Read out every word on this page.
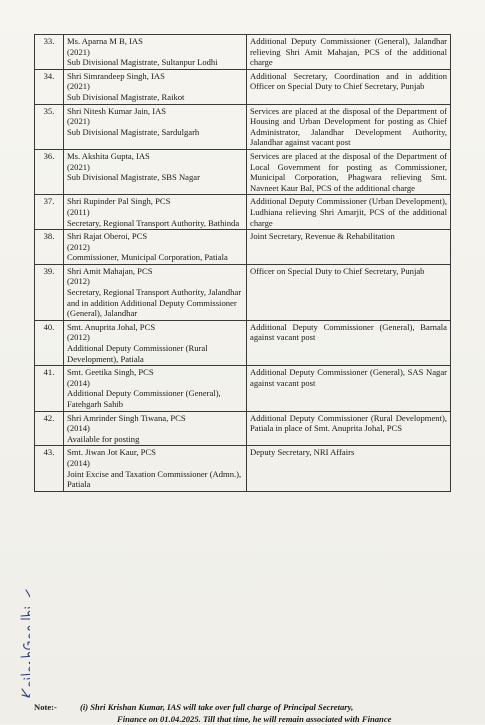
33.	Ms. Aparna M B, IAS
(2021)
Sub Divisional Magistrate, Sultanpur Lodhi	Additional Deputy Commissioner (General), Jalandhar relieving Shri Amit Mahajan, PCS of the additional charge
34.	Shri Simrandeep Singh, IAS
(2021)
Sub Divisional Magistrate, Raikot	Additional Secretary, Coordination and in addition Officer on Special Duty to Chief Secretary, Punjab
35.	Shri Nitesh Kumar Jain, IAS
(2021)
Sub Divisional Magistrate, Sardulgarh	Services are placed at the disposal of the Department of Housing and Urban Development for posting as Chief Administrator, Jalandhar Development Authority, Jalandhar against vacant post
36.	Ms. Akshita Gupta, IAS
(2021)
Sub Divisional Magistrate, SBS Nagar	Services are placed at the disposal of the Department of Local Government for posting as Commissioner, Municipal Corporation, Phagwara relieving Smt. Navneet Kaur Bal, PCS of the additional charge
37.	Shri Rupinder Pal Singh, PCS
(2011)
Secretary, Regional Transport Authority, Bathinda	Additional Deputy Commissioner (Urban Development), Ludhiana relieving Shri Amarjit, PCS of the additional charge
38.	Shri Rajat Oberoi, PCS
(2012)
Commissioner, Municipal Corporation, Patiala	Joint Secretary, Revenue & Rehabilitation
39.	Shri Amit Mahajan, PCS
(2012)
Secretary, Regional Transport Authority, Jalandhar and in addition Additional Deputy Commissioner (General), Jalandhar	Officer on Special Duty to Chief Secretary, Punjab
40.	Smt. Anuprita Johal, PCS
(2012)
Additional Deputy Commissioner (Rural Development), Patiala	Additional Deputy Commissioner (General), Barnala against vacant post
41.	Smt. Geetika Singh, PCS
(2014)
Additional Deputy Commissioner (General), Fatehgarh Sahib	Additional Deputy Commissioner (General), SAS Nagar against vacant post
42.	Shri Amrinder Singh Tiwana, PCS
(2014)
Available for posting	Additional Deputy Commissioner (Rural Development), Patiala in place of Smt. Anuprita Johal, PCS
43.	Smt. Jiwan Jot Kaur, PCS
(2014)
Joint Excise and Taxation Commissioner (Admn.), Patiala	Deputy Secretary, NRI Affairs
Note:-	(i) Shri Krishan Kumar, IAS will take over full charge of Principal Secretary,
Finance on 01.04.2025. Till that time, he will remain associated with Finance
